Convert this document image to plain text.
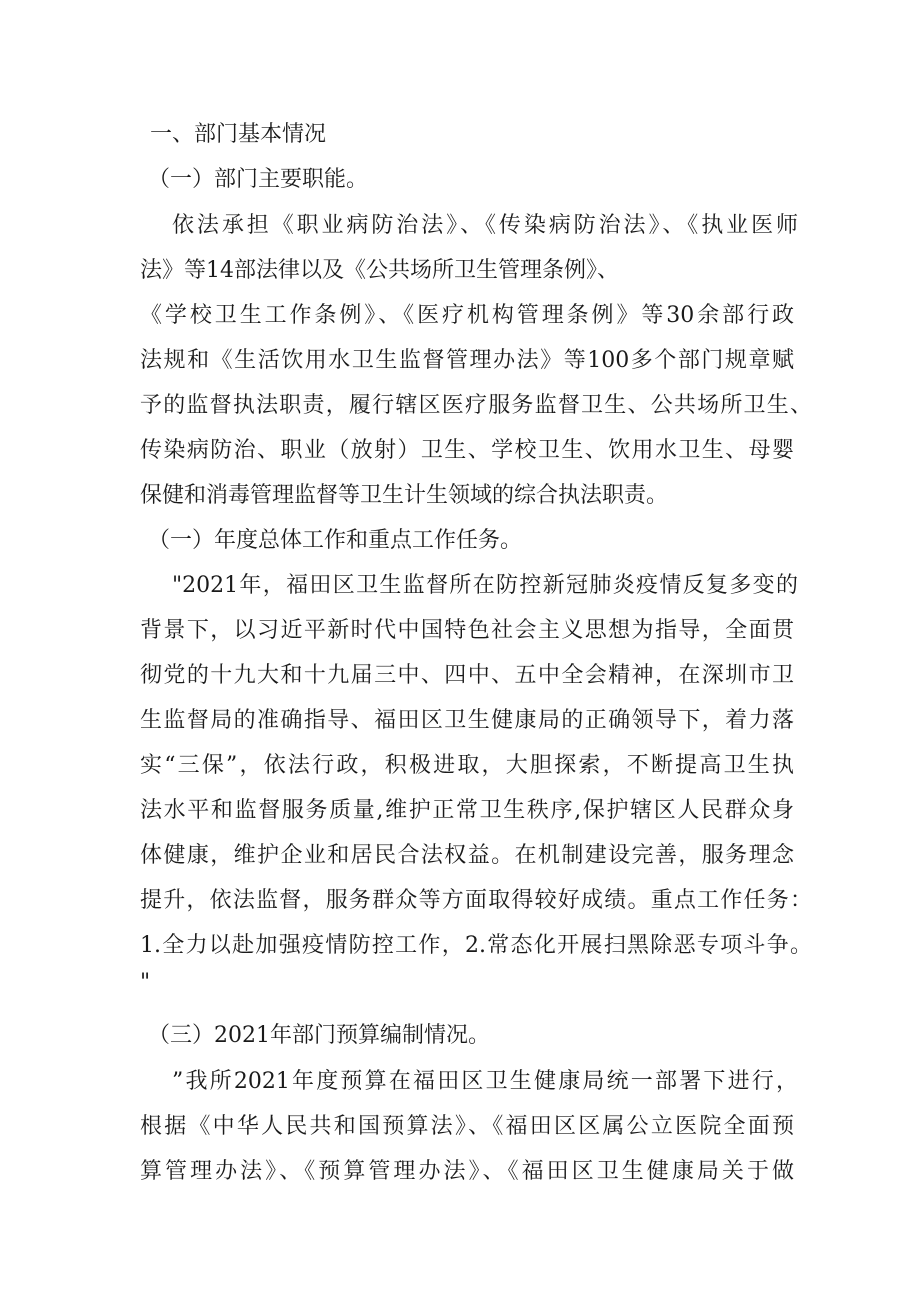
一、部门基本情况
（一）部门主要职能。
依法承担《职业病防治法》、《传染病防治法》、《执业医师
法》等14部法律以及《公共场所卫生管理条例》、
《学校卫生工作条例》、《医疗机构管理条例》等30余部行政
法规和《生活饮用水卫生监督管理办法》等100多个部门规章赋
予的监督执法职责，履行辖区医疗服务监督卫生、公共场所卫生、
传染病防治、职业（放射）卫生、学校卫生、饮用水卫生、母婴
保健和消毒管理监督等卫生计生领域的综合执法职责。
（一）年度总体工作和重点工作任务。
"2021年，福田区卫生监督所在防控新冠肺炎疫情反复多变的
背景下，以习近平新时代中国特色社会主义思想为指导，全面贯
彻党的十九大和十九届三中、四中、五中全会精神，在深圳市卫
生监督局的准确指导、福田区卫生健康局的正确领导下，着力落
实“三保”，依法行政，积极进取，大胆探索，不断提高卫生执
法水平和监督服务质量,维护正常卫生秩序,保护辖区人民群众身
体健康，维护企业和居民合法权益。在机制建设完善，服务理念
提升，依法监督，服务群众等方面取得较好成绩。重点工作任务：
1.全力以赴加强疫情防控工作，2.常态化开展扫黑除恶专项斗争。
"
（三）2021年部门预算编制情况。
”我所2021年度预算在福田区卫生健康局统一部署下进行，
根据《中华人民共和国预算法》、《福田区区属公立医院全面预
算管理办法》、《预算管理办法》、《福田区卫生健康局关于做
